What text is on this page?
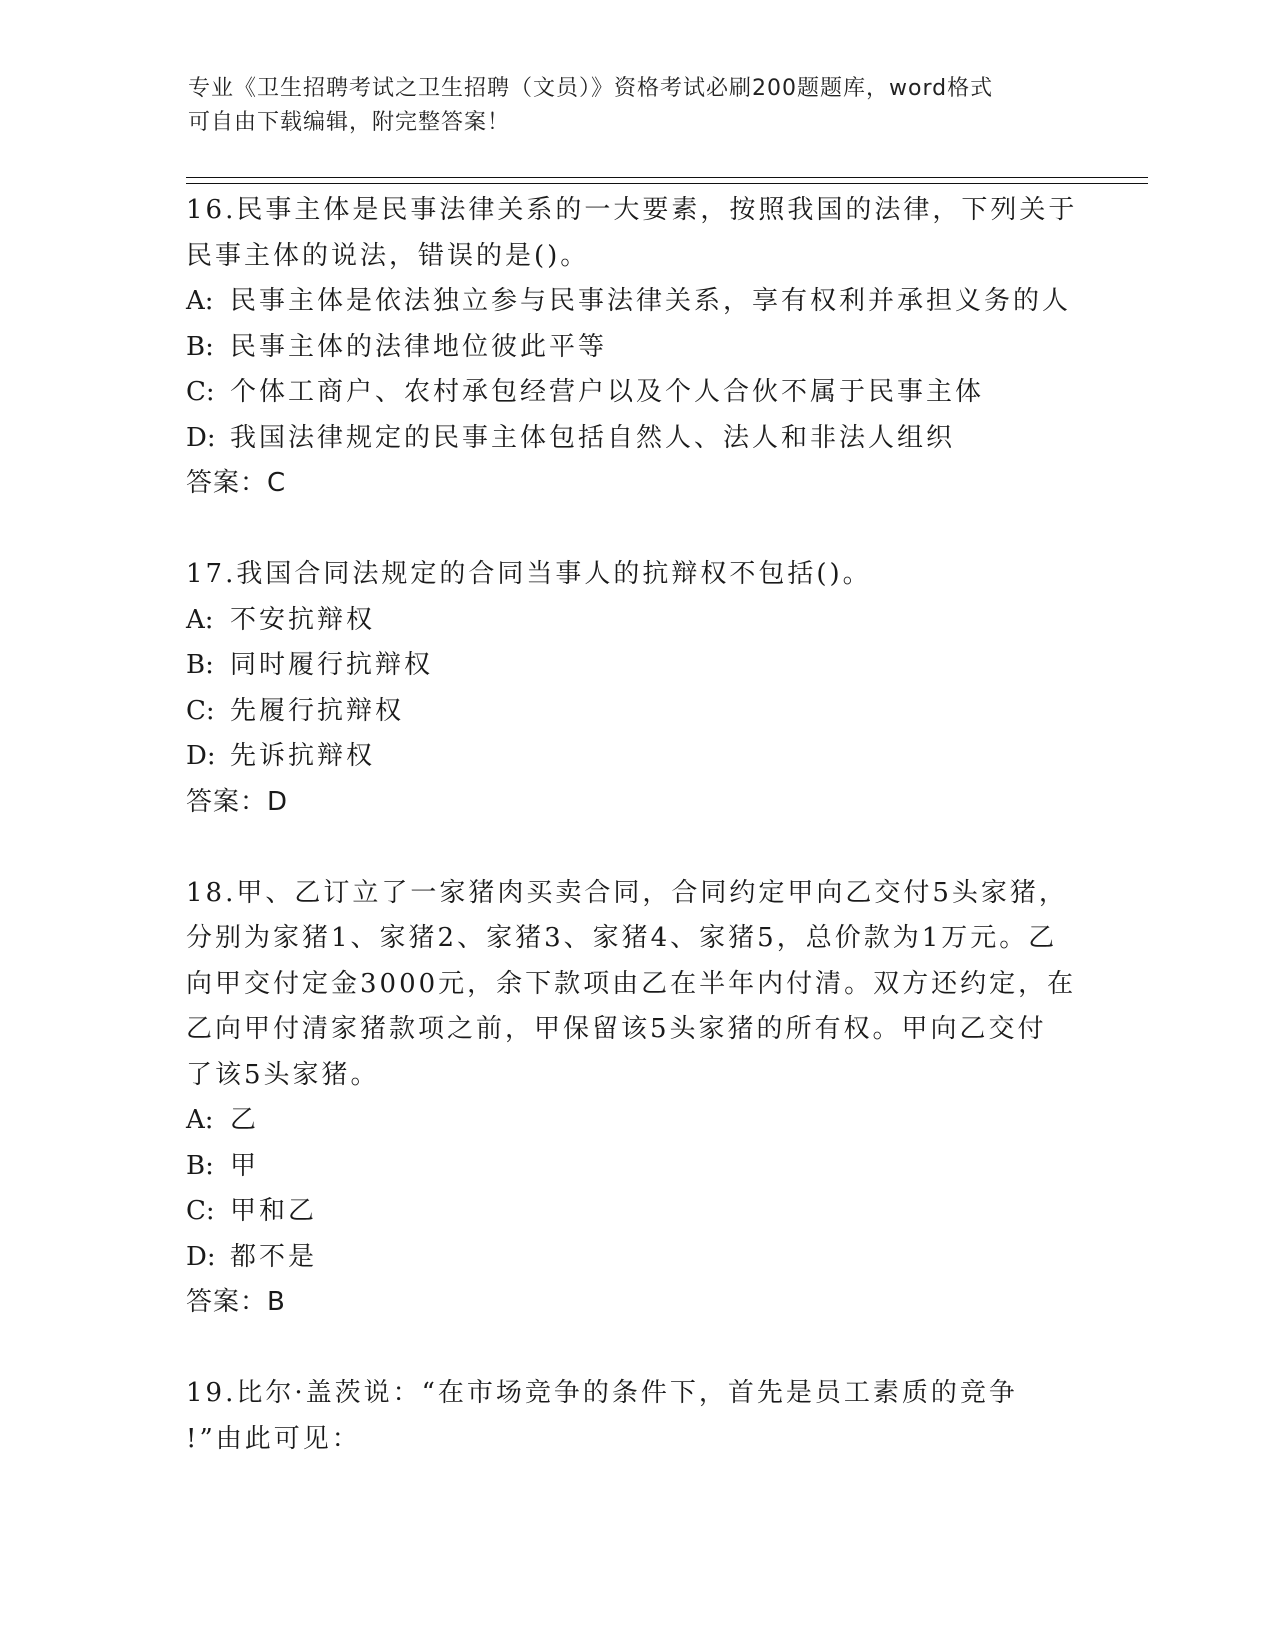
专业《卫生招聘考试之卫生招聘（文员）》资格考试必刷200题题库，word格式
可自由下载编辑，附完整答案！
16.民事主体是民事法律关系的一大要素，按照我国的法律，下列关于
民事主体的说法，错误的是()。
A: 民事主体是依法独立参与民事法律关系，享有权利并承担义务的人
B: 民事主体的法律地位彼此平等
C: 个体工商户、农村承包经营户以及个人合伙不属于民事主体
D: 我国法律规定的民事主体包括自然人、法人和非法人组织
答案：C
17.我国合同法规定的合同当事人的抗辩权不包括()。
A: 不安抗辩权
B: 同时履行抗辩权
C: 先履行抗辩权
D: 先诉抗辩权
答案：D
18.甲、乙订立了一家猪肉买卖合同，合同约定甲向乙交付5头家猪，
分别为家猪1、家猪2、家猪3、家猪4、家猪5，总价款为1万元。乙
向甲交付定金3000元，余下款项由乙在半年内付清。双方还约定，在
乙向甲付清家猪款项之前，甲保留该5头家猪的所有权。甲向乙交付
了该5头家猪。
A: 乙
B: 甲
C: 甲和乙
D: 都不是
答案：B
19.比尔·盖茨说：“在市场竞争的条件下，首先是员工素质的竞争
!”由此可见：
